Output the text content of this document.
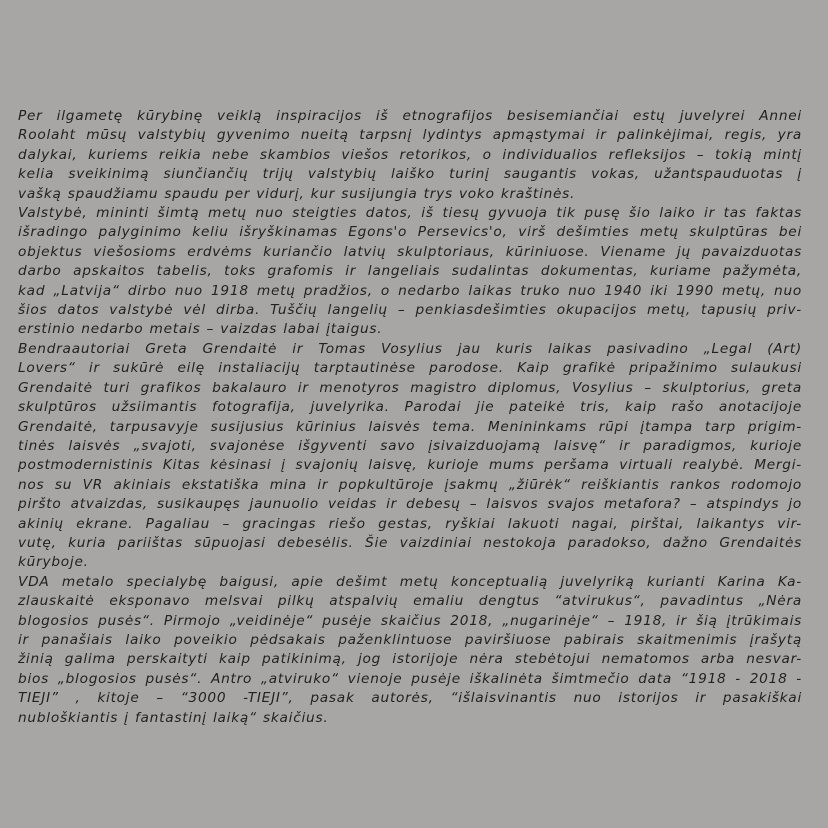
Per ilgametę kūrybinę veiklą inspiracijos iš etnografijos besisemiančiai estų juvelyrei Annei
Roolaht mūsų valstybių gyvenimo nueitą tarpsnį lydintys apmąstymai ir palinkėjimai, regis, yra
dalykai, kuriems reikia nebe skambios viešos retorikos, o individualios refleksijos – tokią mintį
kelia sveikinimą siunčiančių trijų valstybių laiško turinį saugantis vokas, užantspauduotas į
vašką spaudžiamu spaudu per vidurį, kur susijungia trys voko kraštinės.
Valstybė, mininti šimtą metų nuo steigties datos, iš tiesų gyvuoja tik pusę šio laiko ir tas faktas
išradingo palyginimo keliu išryškinamas Egons'o Persevics'o, virš dešimties metų skulptūras bei
objektus viešosioms erdvėms kuriančio latvių skulptoriaus, kūriniuose. Viename jų pavaizduotas
darbo apskaitos tabelis, toks grafomis ir langeliais sudalintas dokumentas, kuriame pažymėta,
kad „Latvija“ dirbo nuo 1918 metų pradžios, o nedarbo laikas truko nuo 1940 iki 1990 metų, nuo
šios datos valstybė vėl dirba. Tuščių langelių – penkiasdešimties okupacijos metų, tapusių priv-
erstinio nedarbo metais – vaizdas labai įtaigus.
Bendraautoriai Greta Grendaitė ir Tomas Vosylius jau kuris laikas pasivadino „Legal (Art)
Lovers“ ir sukūrė eilę instaliacijų tarptautinėse parodose. Kaip grafikė pripažinimo sulaukusi
Grendaitė turi grafikos bakalauro ir menotyros magistro diplomus, Vosylius – skulptorius, greta
skulptūros užsiimantis fotografija, juvelyrika. Parodai jie pateikė tris, kaip rašo anotacijoje
Grendaitė, tarpusavyje susijusius kūrinius laisvės tema. Menininkams rūpi įtampa tarp prigim-
tinės laisvės „svajoti, svajonėse išgyventi savo įsivaizduojamą laisvę“ ir paradigmos, kurioje
postmodernistinis Kitas kėsinasi į svajonių laisvę, kurioje mums peršama virtuali realybė. Mergi-
nos su VR akiniais ekstatiška mina ir popkultūroje įsakmų „žiūrėk“ reiškiantis rankos rodomojo
piršto atvaizdas, susikaupęs jaunuolio veidas ir debesų – laisvos svajos metafora? – atspindys jo
akinių ekrane. Pagaliau – gracingas riešo gestas, ryškiai lakuoti nagai, pirštai, laikantys vir-
vutę, kuria pariištas sūpuojasi debesėlis. Šie vaizdiniai nestokoja paradokso, dažno Grendaitės
kūryboje.
VDA metalo specialybę baigusi, apie dešimt metų konceptualią juvelyriką kurianti Karina Ka-
zlauskaitė eksponavo melsvai pilkų atspalvių emaliu dengtus “atvirukus“, pavadintus „Nėra
blogosios pusės“. Pirmojo „veidinėje“ pusėje skaičius 2018, „nugarinėje“ – 1918, ir šią įtrūkimais
ir panašiais laiko poveikio pėdsakais paženklintuose paviršiuose pabirais skaitmenimis įrašytą
žinią galima perskaityti kaip patikinimą, jog istorijoje nėra stebėtojui nematomos arba nesvar-
bios „blogosios pusės“. Antro „atviruko“ vienoje pusėje iškalinėta šimtmečio data “1918 - 2018 -
TIEJI” , kitoje – “3000 -TIEJI”, pasak autorės, “išlaisvinantis nuo istorijos ir pasakiškai
nubloškiantis į fantastinį laiką“ skaičius.
